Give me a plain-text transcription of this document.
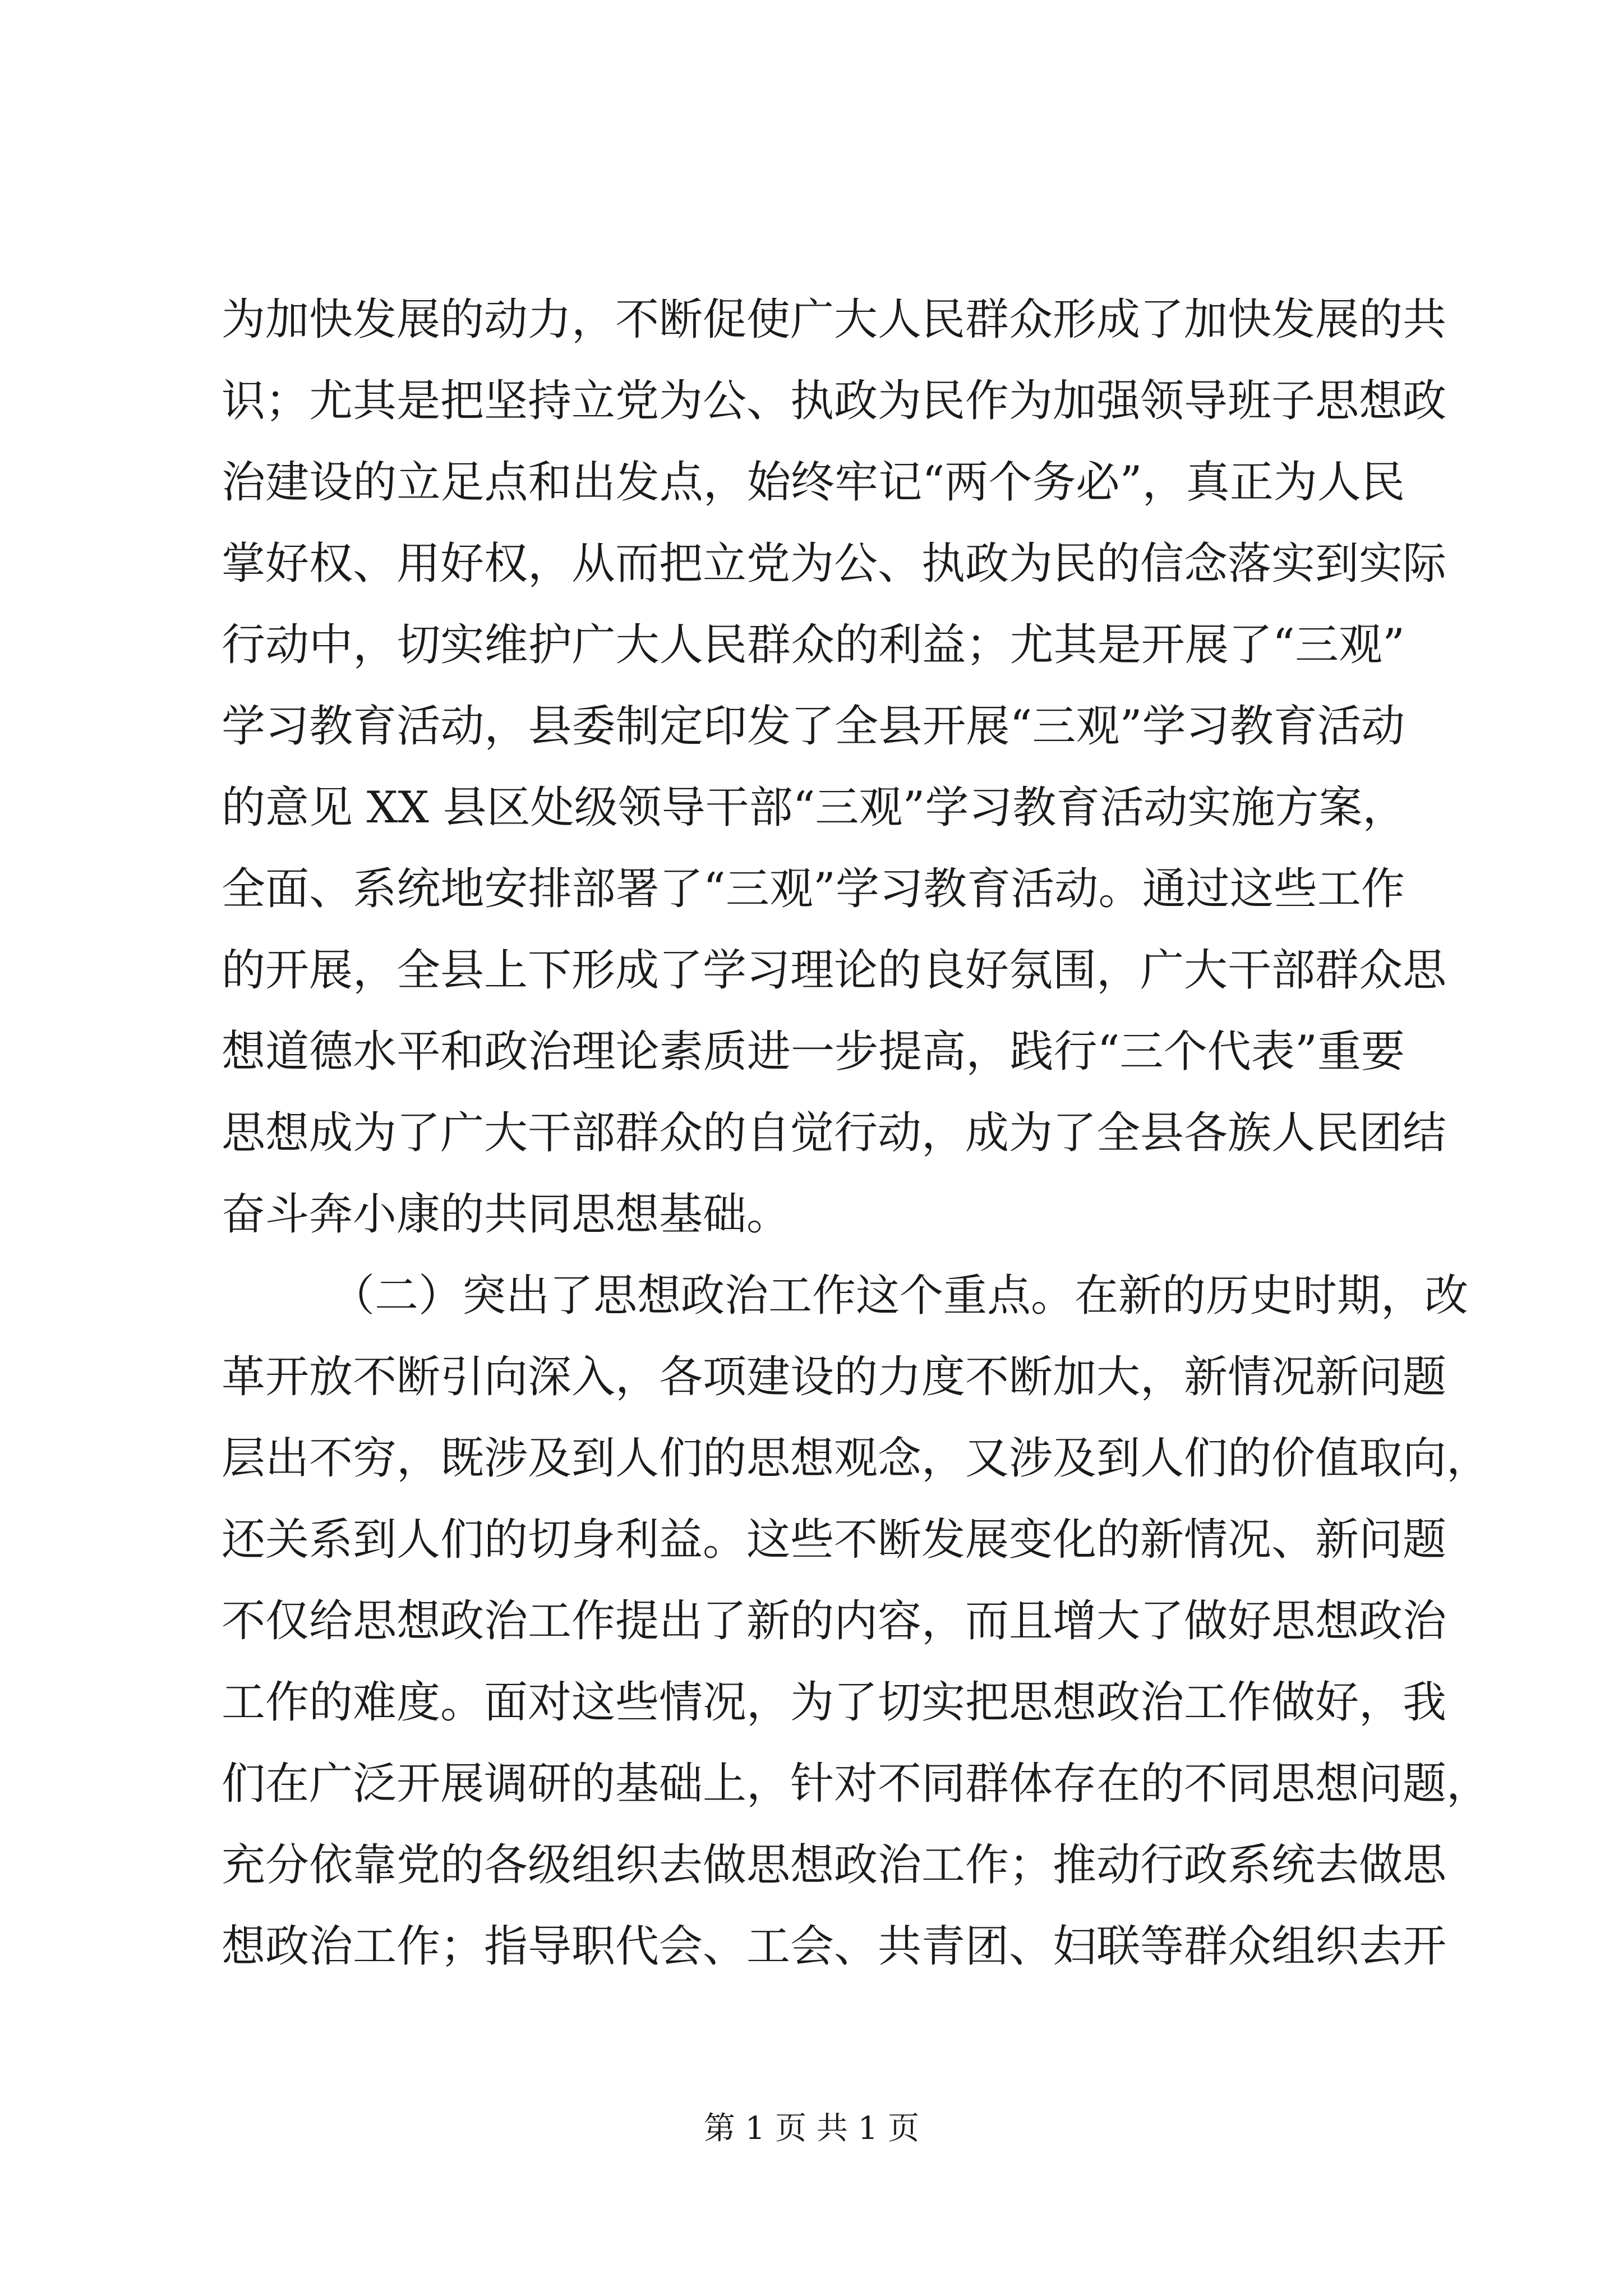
为加快发展的动力，不断促使广大人民群众形成了加快发展的共
识；尤其是把坚持立党为公、执政为民作为加强领导班子思想政
治建设的立足点和出发点，始终牢记“两个务必”，真正为人民
掌好权、用好权，从而把立党为公、执政为民的信念落实到实际
行动中，切实维护广大人民群众的利益；尤其是开展了“三观”
学习教育活动，县委制定印发了全县开展“三观”学习教育活动
的意见 XX 县区处级领导干部“三观”学习教育活动实施方案，
全面、系统地安排部署了“三观”学习教育活动。通过这些工作
的开展，全县上下形成了学习理论的良好氛围，广大干部群众思
想道德水平和政治理论素质进一步提高，践行“三个代表”重要
思想成为了广大干部群众的自觉行动，成为了全县各族人民团结
奋斗奔小康的共同思想基础。
（二）突出了思想政治工作这个重点。在新的历史时期，改
革开放不断引向深入，各项建设的力度不断加大，新情况新问题
层出不穷，既涉及到人们的思想观念，又涉及到人们的价值取向，
还关系到人们的切身利益。这些不断发展变化的新情况、新问题
不仅给思想政治工作提出了新的内容，而且增大了做好思想政治
工作的难度。面对这些情况，为了切实把思想政治工作做好，我
们在广泛开展调研的基础上，针对不同群体存在的不同思想问题，
充分依靠党的各级组织去做思想政治工作；推动行政系统去做思
想政治工作；指导职代会、工会、共青团、妇联等群众组织去开
第 1 页 共 1 页
